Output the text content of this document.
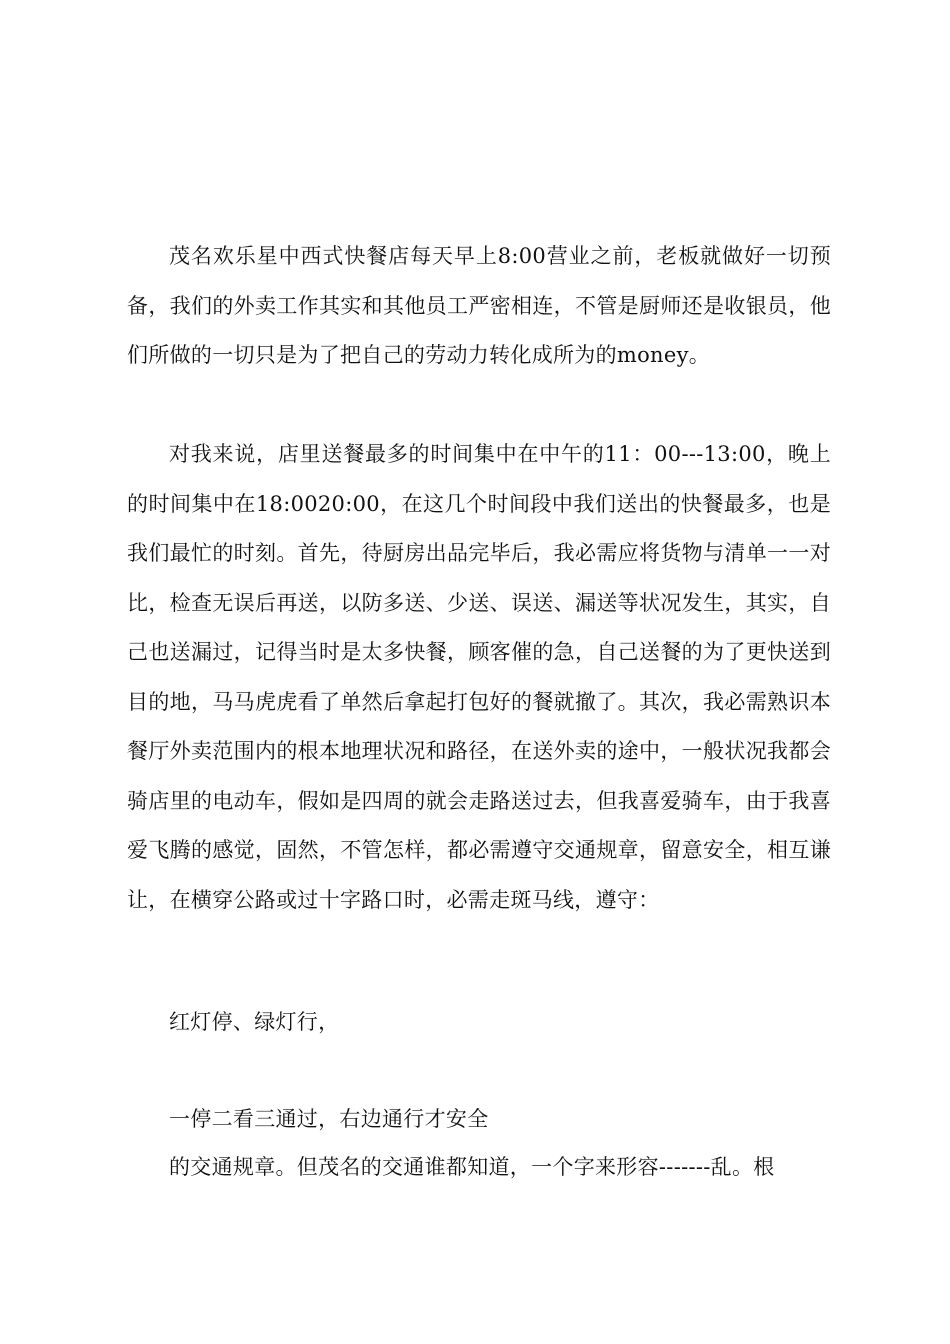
茂名欢乐星中西式快餐店每天早上8:00营业之前，老板就做好一切预备，我们的外卖工作其实和其他员工严密相连，不管是厨师还是收银员，他们所做的一切只是为了把自己的劳动力转化成所为的money。

对我来说，店里送餐最多的时间集中在中午的11：00---13:00，晚上的时间集中在18:0020:00，在这几个时间段中我们送出的快餐最多，也是我们最忙的时刻。首先，待厨房出品完毕后，我必需应将货物与清单一一对比，检查无误后再送，以防多送、少送、误送、漏送等状况发生，其实，自己也送漏过，记得当时是太多快餐，顾客催的急，自己送餐的为了更快送到目的地，马马虎虎看了单然后拿起打包好的餐就撤了。其次，我必需熟识本餐厅外卖范围内的根本地理状况和路径，在送外卖的途中，一般状况我都会骑店里的电动车，假如是四周的就会走路送过去，但我喜爱骑车，由于我喜爱飞腾的感觉，固然，不管怎样，都必需遵守交通规章，留意安全，相互谦让，在横穿公路或过十字路口时，必需走斑马线，遵守：

红灯停、绿灯行，

一停二看三通过，右边通行才安全

的交通规章。但茂名的交通谁都知道，一个字来形容-------乱。根
